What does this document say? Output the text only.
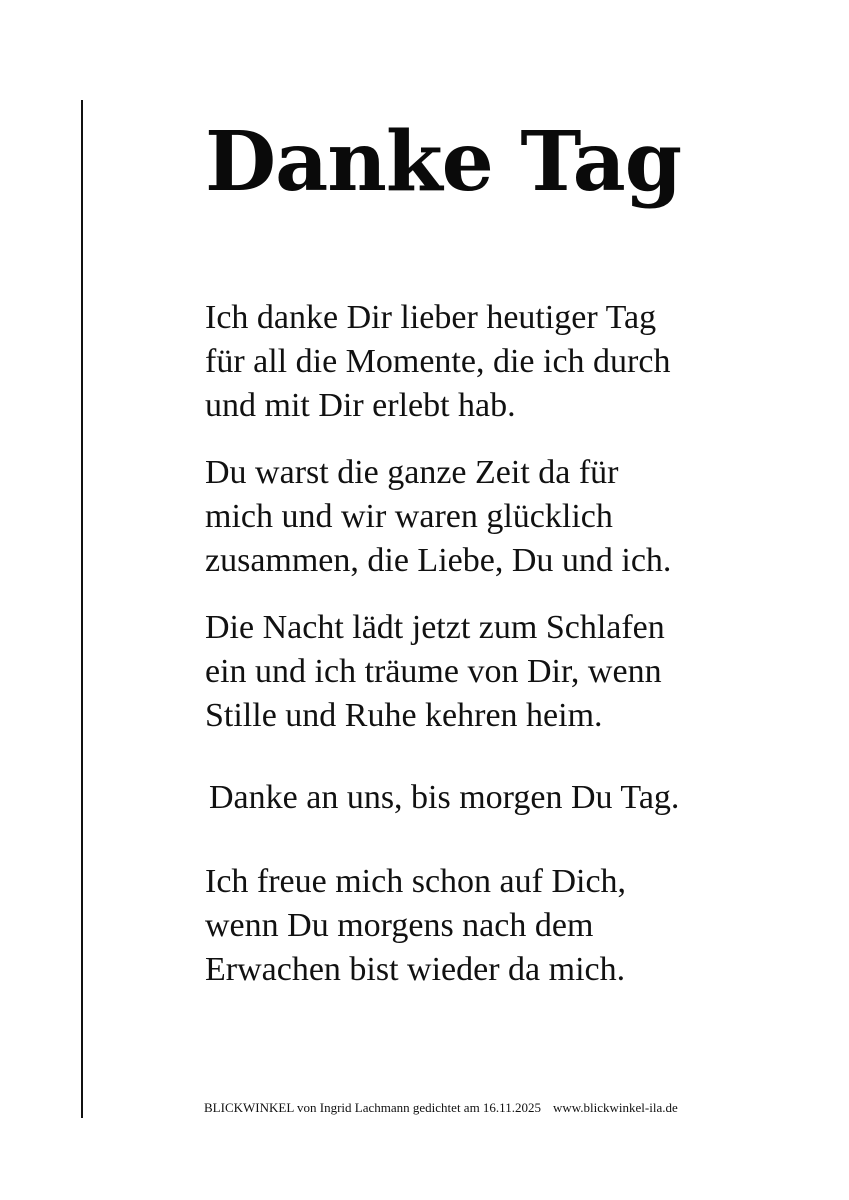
Danke Tag

Ich danke Dir lieber heutiger Tag
für all die Momente, die ich durch
und mit Dir erlebt hab.

Du warst die ganze Zeit da für
mich und wir waren glücklich
zusammen, die Liebe, Du und ich.

Die Nacht lädt jetzt zum Schlafen
ein und ich träume von Dir, wenn
Stille und Ruhe kehren heim.

Danke an uns, bis morgen Du Tag.

Ich freue mich schon auf Dich,
wenn Du morgens nach dem
Erwachen bist wieder da mich.

BLICKWINKEL von Ingrid Lachmann gedichtet am 16.11.2025 www.blickwinkel-ila.de
